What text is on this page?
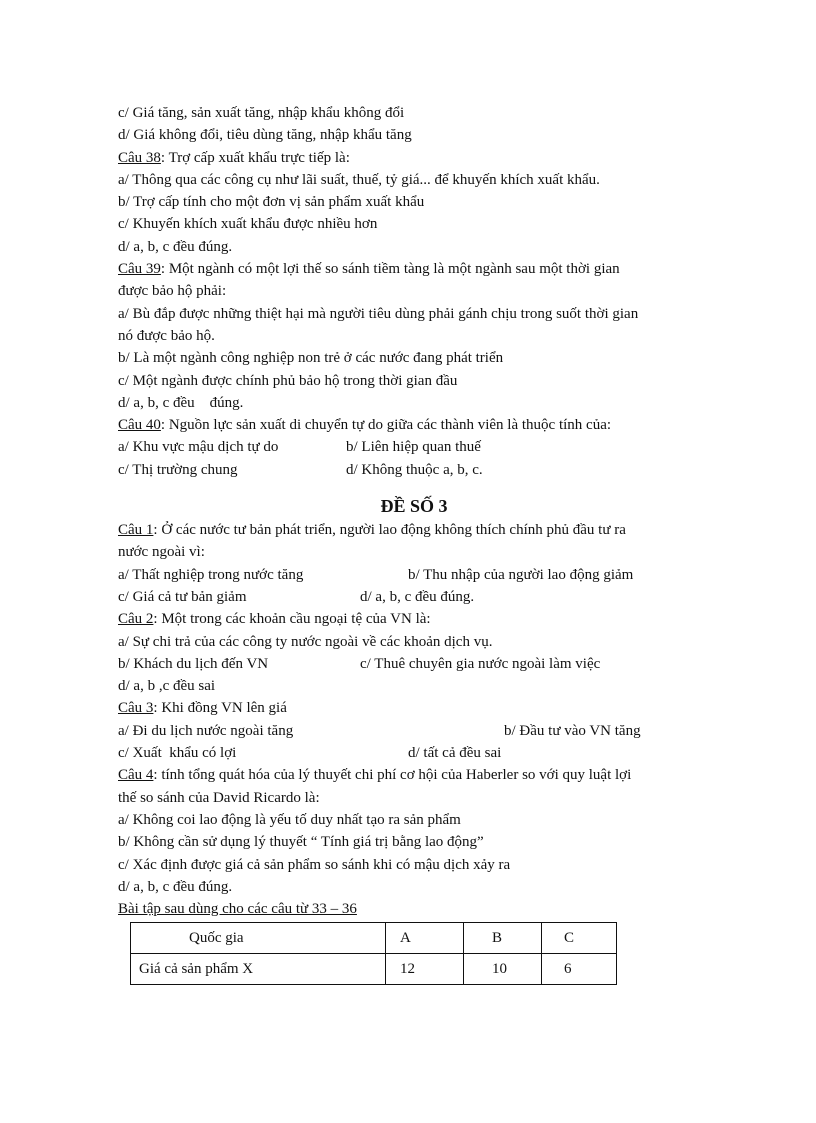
c/ Giá tăng, sản xuất tăng, nhập khẩu không đổi
d/ Giá không đổi, tiêu dùng tăng, nhập khẩu tăng
Câu 38: Trợ cấp xuất khẩu trực tiếp là:
a/ Thông qua các công cụ như lãi suất, thuế, tỷ giá... để khuyến khích xuất khẩu.
b/ Trợ cấp tính cho một đơn vị sản phẩm xuất khẩu
c/ Khuyến khích xuất khẩu được nhiều hơn
d/ a, b, c đều đúng.
Câu 39: Một ngành có một lợi thế so sánh tiềm tàng là một ngành sau một thời gian
được bảo hộ phải:
a/ Bù đắp được những thiệt hại mà người tiêu dùng phải gánh chịu trong suốt thời gian
nó được bảo hộ.
b/ Là một ngành công nghiệp non trẻ ở các nước đang phát triển
c/ Một ngành được chính phủ bảo hộ trong thời gian đầu
d/ a, b, c đều    đúng.
Câu 40: Nguồn lực sản xuất di chuyển tự do giữa các thành viên là thuộc tính của:
a/ Khu vực mậu dịch tự do	b/ Liên hiệp quan thuế
c/ Thị trường chung	d/ Không thuộc a, b, c.
ĐỀ SỐ 3
Câu 1: Ở các nước tư bản phát triển, người lao động không thích chính phủ đầu tư ra
nước ngoài vì:
a/ Thất nghiệp trong nước tăng	b/ Thu nhập của người lao động giảm
c/ Giá cả tư bản giảm	d/ a, b, c đều đúng.
Câu 2: Một trong các khoản cầu ngoại tệ của VN là:
a/ Sự chi trả của các công ty nước ngoài về các khoản dịch vụ.
b/ Khách du lịch đến VN	c/ Thuê chuyên gia nước ngoài làm việc
d/ a, b ,c đều sai
Câu 3: Khi đồng VN lên giá
a/ Đi du lịch nước ngoài tăng	b/ Đầu tư vào VN tăng
c/ Xuất  khẩu có lợi	d/ tất cả đều sai
Câu 4: tính tổng quát hóa của lý thuyết chi phí cơ hội của Haberler so với quy luật lợi
thế so sánh của David Ricardo là:
a/ Không coi lao động là yếu tố duy nhất tạo ra sản phẩm
b/ Không cần sử dụng lý thuyết “ Tính giá trị bằng lao động”
c/ Xác định được giá cả sản phẩm so sánh khi có mậu dịch xảy ra
d/ a, b, c đều đúng.
Bài tập sau dùng cho các câu từ 33 – 36
Quốc gia	A	B	C
Giá cả sản phẩm X	12	10	6
